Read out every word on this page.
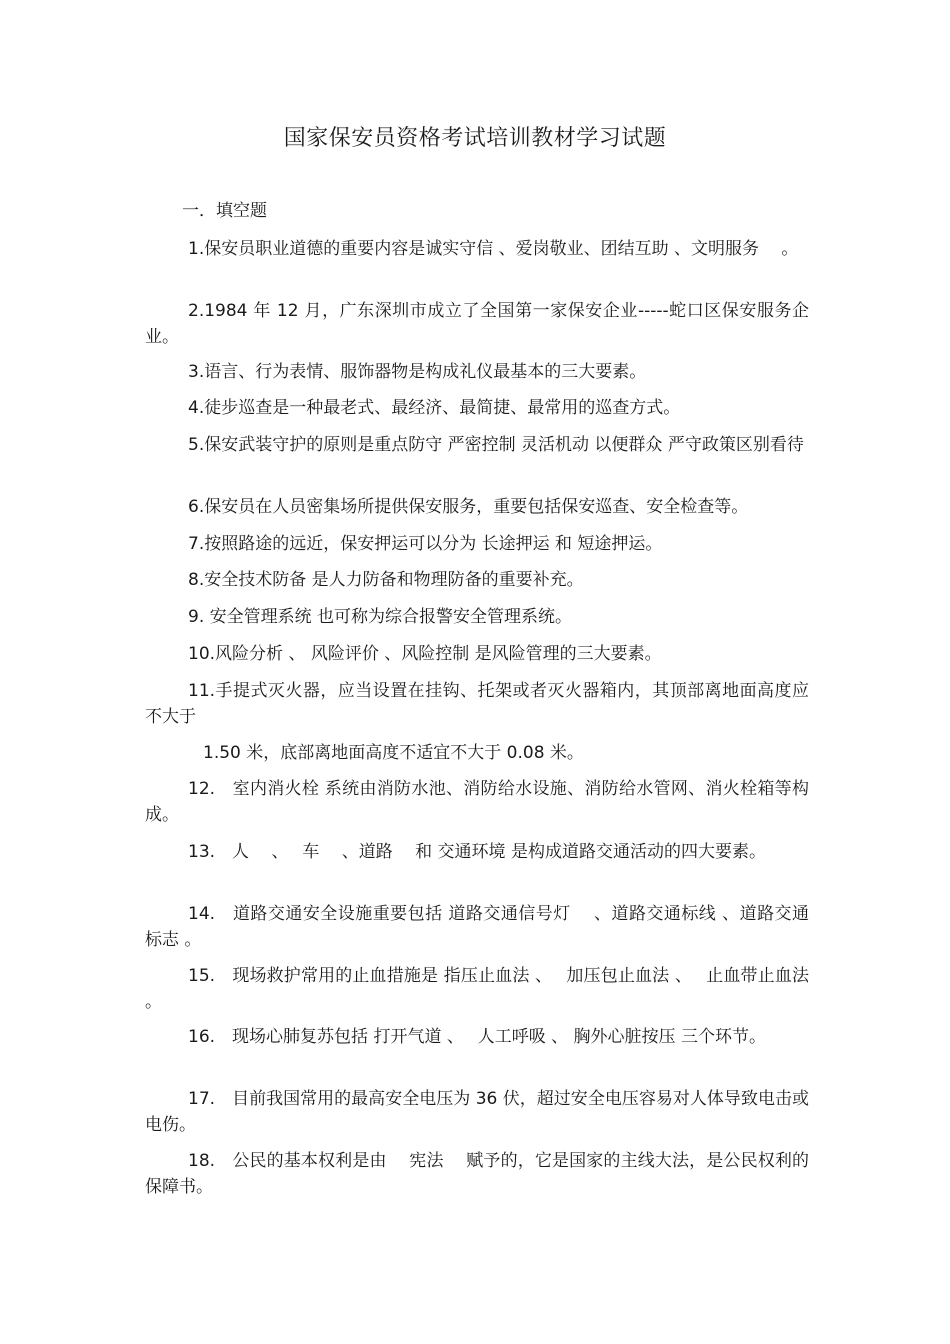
国家保安员资格考试培训教材学习试题
一．填空题

1.保安员职业道德的重要内容是诚实守信 、爱岗敬业、团结互助 、文明服务　 。

2.1984 年 12 月，广东深圳市成立了全国第一家保安企业-----蛇口区保安服务企业。

3.语言、行为表情、服饰器物是构成礼仪最基本的三大要素。

4.徒步巡查是一种最老式、最经济、最简捷、最常用的巡查方式。

5.保安武装守护的原则是重点防守 严密控制 灵活机动 以便群众 严守政策区别看待

6.保安员在人员密集场所提供保安服务，重要包括保安巡查、安全检查等。

7.按照路途的远近，保安押运可以分为 长途押运 和 短途押运。

8.安全技术防备 是人力防备和物理防备的重要补充。

9. 安全管理系统 也可称为综合报警安全管理系统。

10.风险分析 、 风险评价 、风险控制 是风险管理的三大要素。

11.手提式灭火器，应当设置在挂钩、托架或者灭火器箱内，其顶部离地面高度应不大于

1.50 米，底部离地面高度不适宜不大于 0.08 米。

12.　室内消火栓 系统由消防水池、消防给水设施、消防给水管网、消火栓箱等构成。

13.　人　 、　 车　 、道路　 和 交通环境 是构成道路交通活动的四大要素。

14.　道路交通安全设施重要包括 道路交通信号灯　 、道路交通标线 、道路交通标志 。

15.　现场救护常用的止血措施是 指压止血法 、　 加压包止血法 、　 止血带止血法 。

16.　现场心肺复苏包括 打开气道 、　 人工呼吸 、 胸外心脏按压 三个环节。

17.　目前我国常用的最高安全电压为 36 伏，超过安全电压容易对人体导致电击或电伤。

18.　公民的基本权利是由　 宪法　 赋予的，它是国家的主线大法，是公民权利的保障书。
